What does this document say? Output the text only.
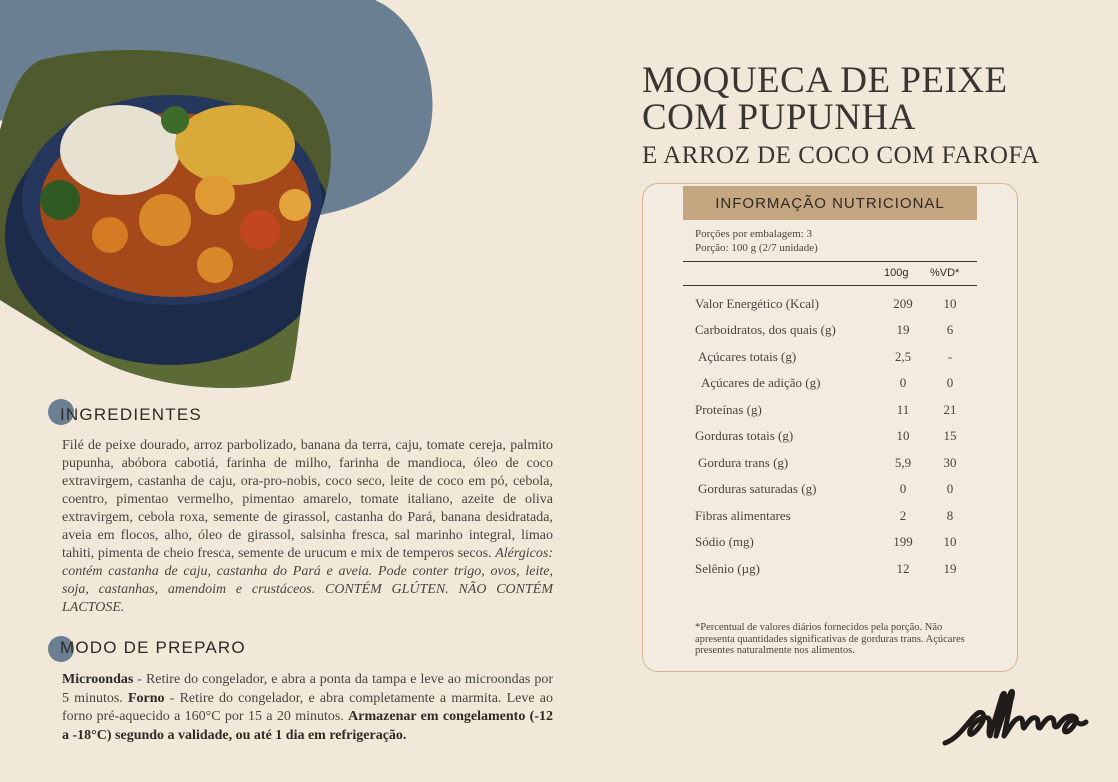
MOQUECA DE PEIXE
COM PUPUNHA
E ARROZ DE COCO COM FAROFA
INFORMAÇÃO NUTRICIONAL
Porções por embalagem: 3
Porção: 100 g (2/7 unidade)
100g %VD*
Valor Energético (Kcal)	209	10
Carboidratos, dos quais (g)	19	6
Açúcares totais (g)	2,5	-
Açúcares de adição (g)	0	0
Proteínas (g)	11	21
Gorduras totais (g)	10	15
Gordura trans (g)	5,9	30
Gorduras saturadas (g)	0	0
Fibras alimentares	2	8
Sódio (mg)	199	10
Selênio (µg)	12	19
*Percentual de valores diários fornecidos pela porção. Não apresenta quantidades significativas de gorduras trans. Açúcares presentes naturalmente nos alimentos.
INGREDIENTES
Filé de peixe dourado, arroz parbolizado, banana da terra, caju, tomate cereja, palmito pupunha, abóbora cabotiá, farinha de milho, farinha de mandioca, óleo de coco extravirgem, castanha de caju, ora-pro-nobis, coco seco, leite de coco em pó, cebola, coentro, pimentao vermelho, pimentao amarelo, tomate italiano, azeite de oliva extravirgem, cebola roxa, semente de girassol, castanha do Pará, banana desidratada, aveia em flocos, alho, óleo de girassol, salsinha fresca, sal marinho integral, limao tahiti, pimenta de cheio fresca, semente de urucum e mix de temperos secos. Alérgicos: contém castanha de caju, castanha do Pará e aveia. Pode conter trigo, ovos, leite, soja, castanhas, amendoim e crustáceos. CONTÉM GLÚTEN. NÃO CONTÉM LACTOSE.
MODO DE PREPARO
Microondas - Retire do congelador, e abra a ponta da tampa e leve ao microondas por 5 minutos. Forno - Retire do congelador, e abra completamente a marmita. Leve ao forno pré-aquecido a 160°C por 15 a 20 minutos. Armazenar em congelamento (-12 a -18°C) segundo a validade, ou até 1 dia em refrigeração.
